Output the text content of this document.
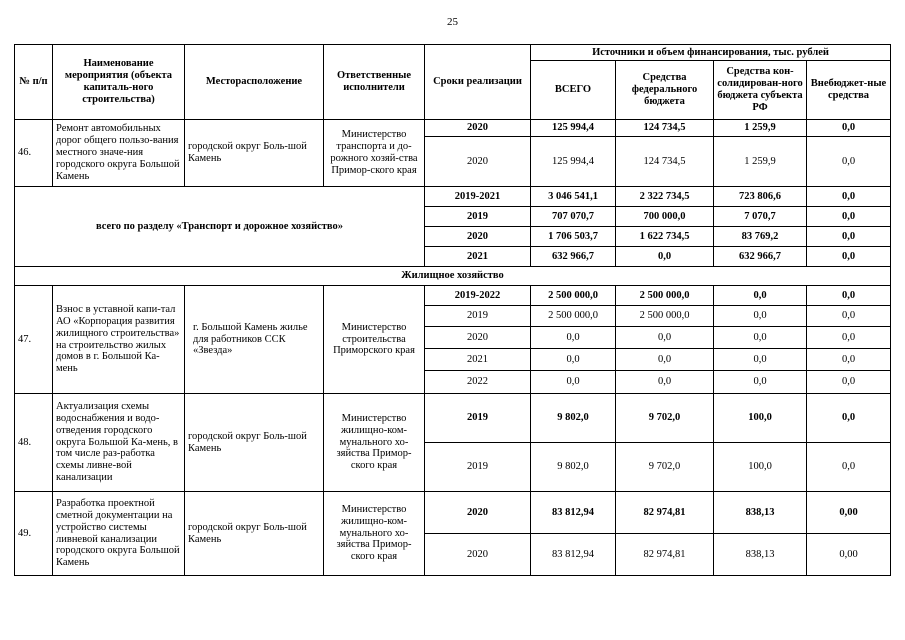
25
№ п/п	Наименование мероприятия (объекта капиталь-ного строительства)	Месторасположение	Ответственные исполнители	Сроки реализации	Источники и объем финансирования, тыс. рублей			
					ВСЕГО	Средства федерального бюджета	Средства кон-солидирован-ного бюджета субъекта РФ	Внебюджет-ные средства
46.	Ремонт автомобильных дорог общего пользо-вания местного значе-ния городского округа Большой Камень	городской округ Боль-шой Камень	Министерство транспорта и до-рожного хозяй-ства Примор-ского края	2020	125 994,4	124 734,5	1 259,9	0,0
				2020	125 994,4	124 734,5	1 259,9	0,0
всего по разделу «Транспорт и дорожное хозяйство»				2019-2021	3 046 541,1	2 322 734,5	723 806,6	0,0
				2019	707 070,7	700 000,0	7 070,7	0,0
				2020	1 706 503,7	1 622 734,5	83 769,2	0,0
				2021	632 966,7	0,0	632 966,7	0,0
Жилищное хозяйство								
47.	Взнос в уставной капи-тал АО «Корпорация развития жилищного строительства» на строительство жилых домов в г. Большой Ка-мень	г. Большой Камень жилье для работников ССК «Звезда»	Министерство строительства Приморского края	2019-2022	2 500 000,0	2 500 000,0	0,0	0,0
				2019	2 500 000,0	2 500 000,0	0,0	0,0
				2020	0,0	0,0	0,0	0,0
				2021	0,0	0,0	0,0	0,0
				2022	0,0	0,0	0,0	0,0
48.	Актуализация схемы водоснабжения и водо-отведения городского округа Большой Ка-мень, в том числе раз-работка схемы ливне-вой канализации	городской округ Боль-шой Камень	Министерство жилищно-ком-мунального хо-зяйства Примор-ского края	2019	9 802,0	9 702,0	100,0	0,0
				2019	9 802,0	9 702,0	100,0	0,0
49.	Разработка проектной сметной документации на устройство системы ливневой канализации городского округа Большой Камень	городской округ Боль-шой Камень	Министерство жилищно-ком-мунального хо-зяйства Примор-ского края	2020	83 812,94	82 974,81	838,13	0,00
				2020	83 812,94	82 974,81	838,13	0,00
